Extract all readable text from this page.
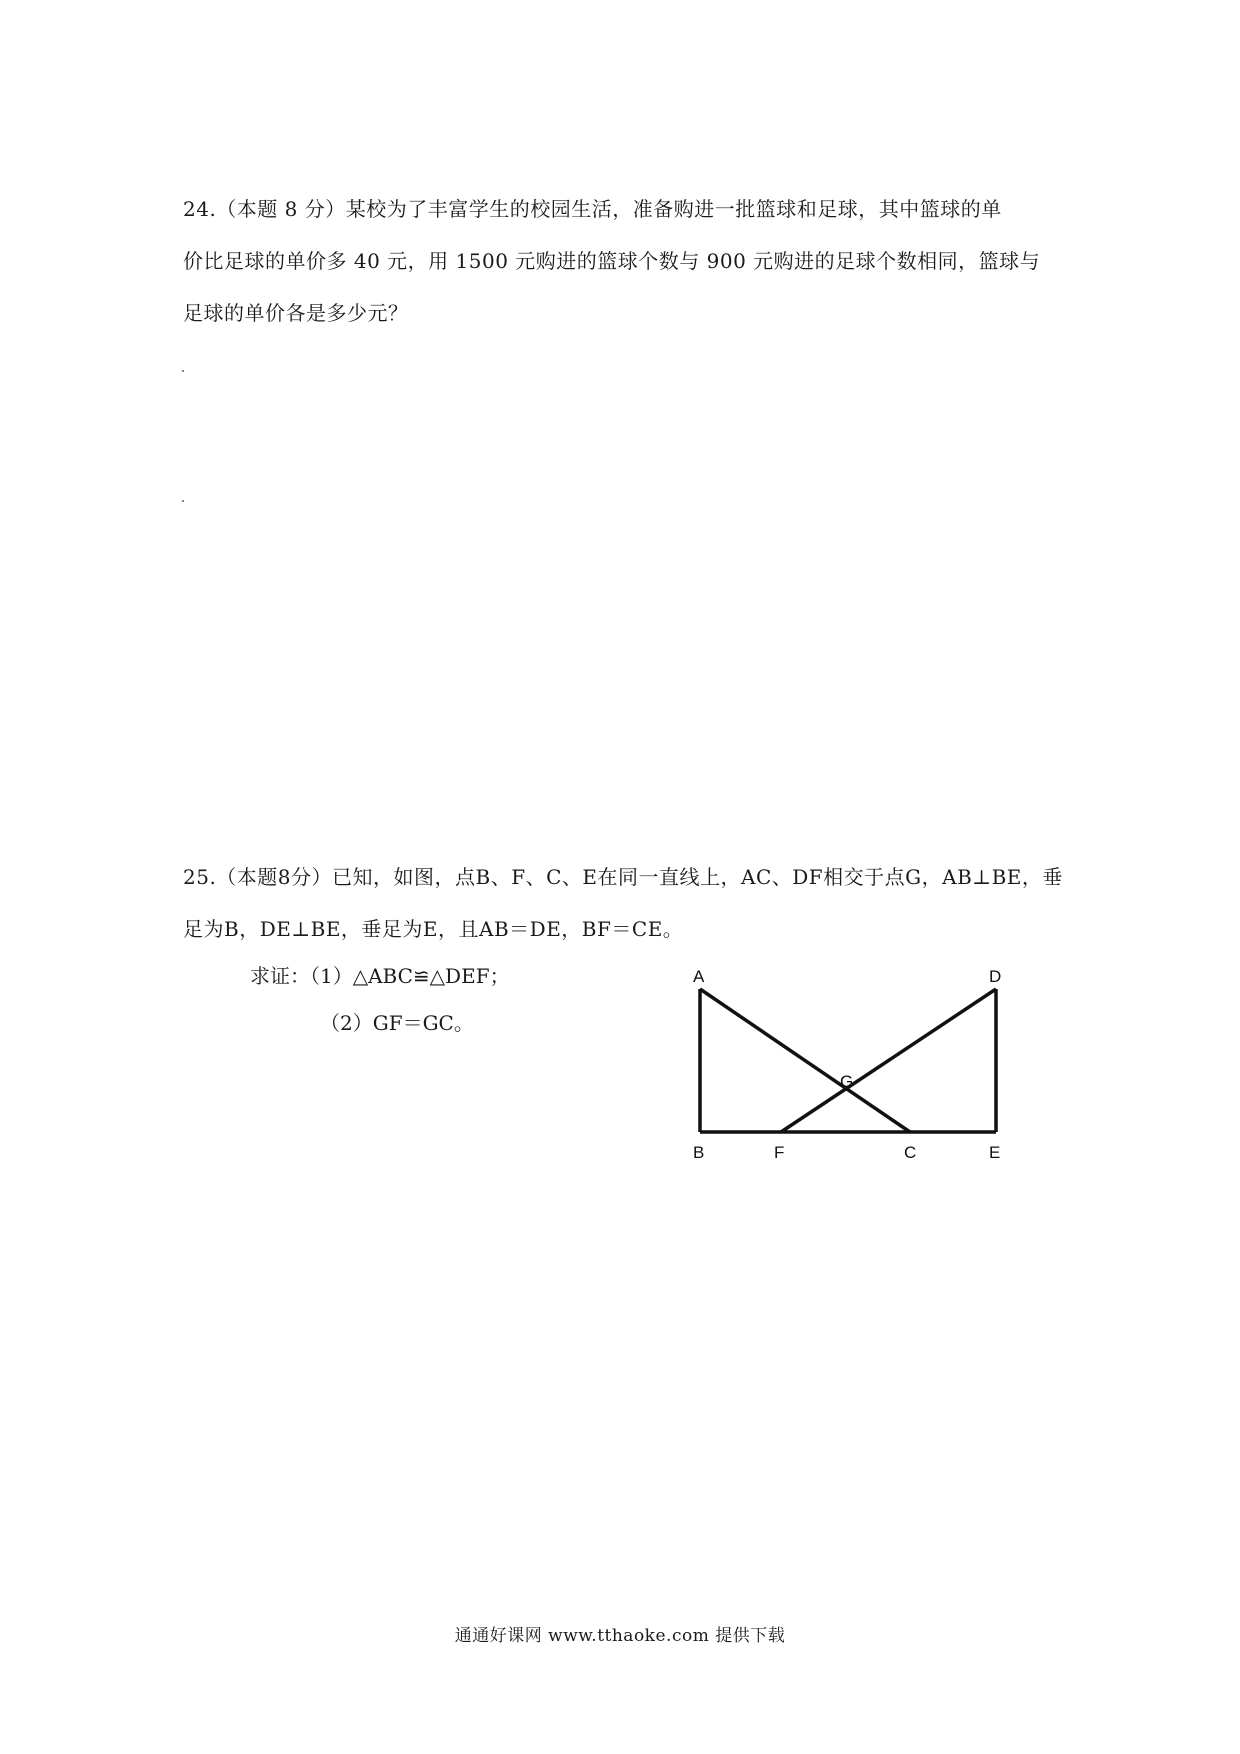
24.（本题 8 分）某校为了丰富学生的校园生活，准备购进一批篮球和足球，其中篮球的单
价比足球的单价多 40 元，用 1500 元购进的篮球个数与 900 元购进的足球个数相同，篮球与
足球的单价各是多少元？
25.（本题8分）已知，如图，点B、F、C、E在同一直线上，AC、DF相交于点G，AB⊥BE，垂
足为B，DE⊥BE，垂足为E，且AB＝DE，BF＝CE。
求证：（1）△ABC≌△DEF；
（2）GF＝GC。
A	D
G
B	F	C	E
通通好课网 www.tthaoke.com 提供下载
